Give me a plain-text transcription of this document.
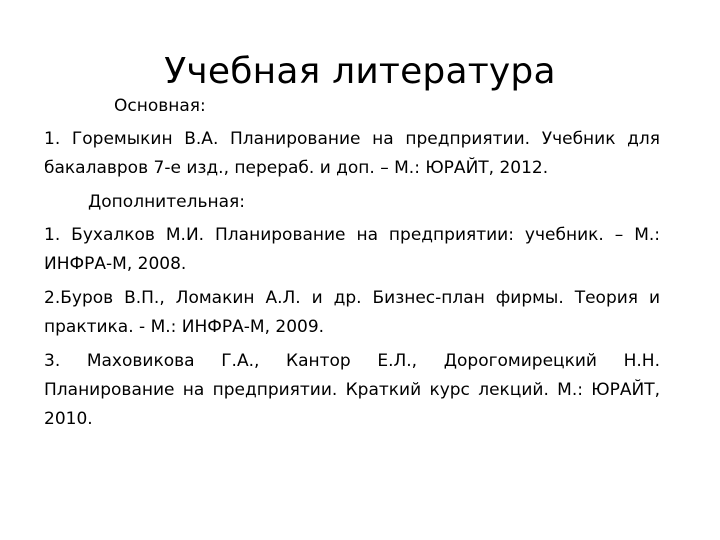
Учебная литература
Основная:
1. Горемыкин В.А. Планирование на предприятии. Учебник для бакалавров 7-е изд., перераб. и доп. – М.: ЮРАЙТ, 2012.
Дополнительная:
1. Бухалков М.И. Планирование на предприятии: учебник. – М.: ИНФРА-М, 2008.
2.Буров В.П., Ломакин А.Л. и др. Бизнес-план фирмы. Теория и практика. - М.: ИНФРА-М, 2009.
3. Маховикова Г.А., Кантор Е.Л., Дорогомирецкий Н.Н. Планирование на предприятии. Краткий курс лекций. М.: ЮРАЙТ, 2010.
